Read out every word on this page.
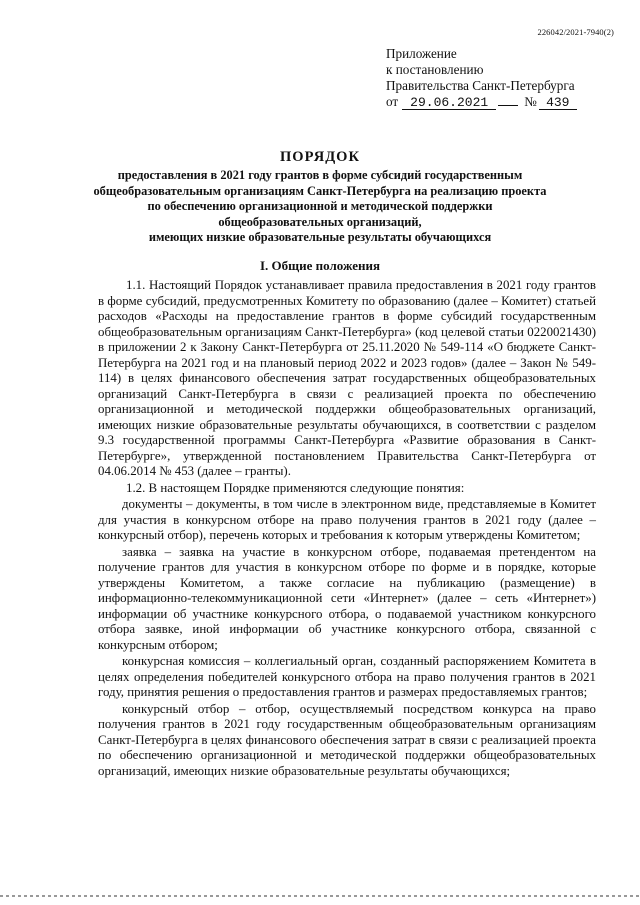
226042/2021-7940(2)
Приложение
к постановлению
Правительства Санкт-Петербурга
от 29.06.2021	№ 439
ПОРЯДОК
предоставления в 2021 году грантов в форме субсидий государственным
общеобразовательным организациям Санкт-Петербурга на реализацию проекта
по обеспечению организационной и методической поддержки
общеобразовательных организаций,
имеющих низкие образовательные результаты обучающихся
I. Общие положения

1.1. Настоящий Порядок устанавливает правила предоставления в 2021 году грантов в форме субсидий, предусмотренных Комитету по образованию (далее – Комитет) статьей расходов «Расходы на предоставление грантов в форме субсидий государственным общеобразовательным организациям Санкт-Петербурга» (код целевой статьи 0220021430) в приложении 2 к Закону Санкт-Петербурга от 25.11.2020 № 549-114 «О бюджете Санкт-Петербурга на 2021 год и на плановый период 2022 и 2023 годов» (далее – Закон № 549-114) в целях финансового обеспечения затрат государственных общеобразовательных организаций Санкт-Петербурга в связи с реализацией проекта по обеспечению организационной и методической поддержки общеобразовательных организаций, имеющих низкие образовательные результаты обучающихся, в соответствии с разделом 9.3 государственной программы Санкт-Петербурга «Развитие образования в Санкт-Петербурге», утвержденной постановлением Правительства Санкт-Петербурга от 04.06.2014 № 453 (далее – гранты).

1.2. В настоящем Порядке применяются следующие понятия:

документы – документы, в том числе в электронном виде, представляемые в Комитет для участия в конкурсном отборе на право получения грантов в 2021 году (далее – конкурсный отбор), перечень которых и требования к которым утверждены Комитетом;

заявка – заявка на участие в конкурсном отборе, подаваемая претендентом на получение грантов для участия в конкурсном отборе по форме и в порядке, которые утверждены Комитетом, а также согласие на публикацию (размещение) в информационно-телекоммуникационной сети «Интернет» (далее – сеть «Интернет») информации об участнике конкурсного отбора, о подаваемой участником конкурсного отбора заявке, иной информации об участнике конкурсного отбора, связанной с конкурсным отбором;

конкурсная комиссия – коллегиальный орган, созданный распоряжением Комитета в целях определения победителей конкурсного отбора на право получения грантов в 2021 году, принятия решения о предоставления грантов и размерах предоставляемых грантов;

конкурсный отбор – отбор, осуществляемый посредством конкурса на право получения грантов в 2021 году государственным общеобразовательным организациям Санкт-Петербурга в целях финансового обеспечения затрат в связи с реализацией проекта по обеспечению организационной и методической поддержки общеобразовательных организаций, имеющих низкие образовательные результаты обучающихся;
